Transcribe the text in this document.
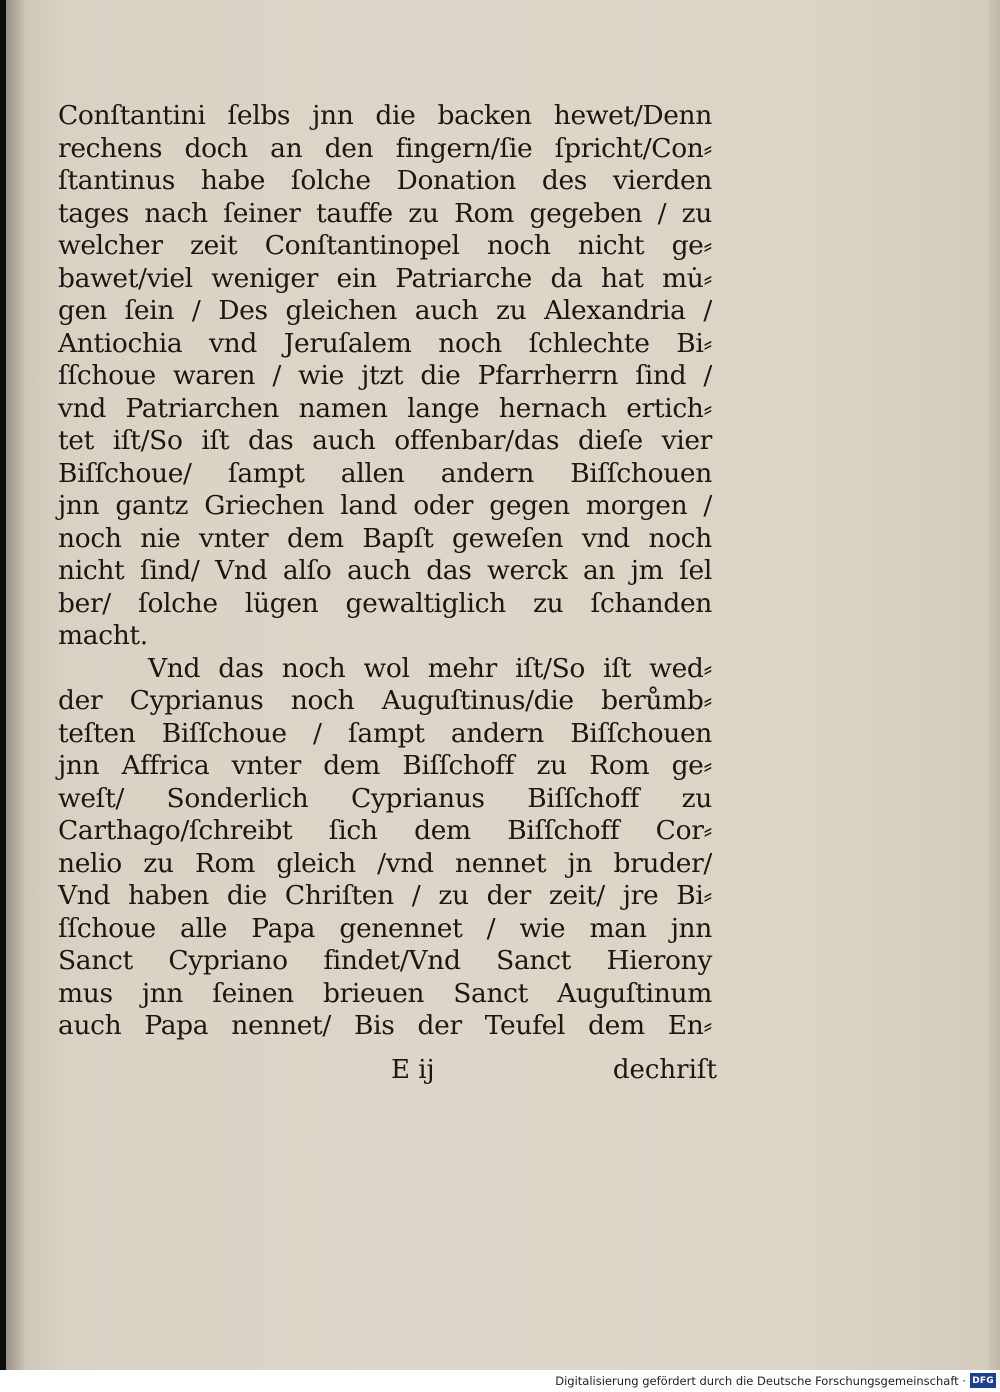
Conſtantini ſelbs jnn die backen hewet/Denn
rechens doch an den fingern/ſie ſpricht/Con⸗
ſtantinus habe ſolche Donation des vierden
tages nach ſeiner tauffe zu Rom gegeben / zu
welcher zeit Conſtantinopel noch nicht ge⸗
bawet/viel weniger ein Patriarche da hat mu̇⸗
gen ſein / Des gleichen auch zu Alexandria /
Antiochia vnd Jeruſalem noch ſchlechte Bi⸗
ſſchoue waren / wie jtzt die Pfarrherrn ſind /
vnd Patriarchen namen lange hernach ertich⸗
tet iſt/So iſt das auch offenbar/das dieſe vier
Biſſchoue/ ſampt allen andern Biſſchouen
jnn gantz Griechen land oder gegen morgen /
noch nie vnter dem Bapſt geweſen vnd noch
nicht ſind/ Vnd alſo auch das werck an jm ſel
ber/ ſolche lügen gewaltiglich zu ſchanden
macht.
Vnd das noch wol mehr iſt/So iſt wed⸗
der Cyprianus noch Auguſtinus/die berůmb⸗
teſten Biſſchoue / ſampt andern Biſſchouen
jnn Affrica vnter dem Biſſchoff zu Rom ge⸗
weſt/ Sonderlich Cyprianus Biſſchoff zu
Carthago/ſchreibt ſich dem Biſſchoff Cor⸗
nelio zu Rom gleich /vnd nennet jn bruder/
Vnd haben die Chriſten / zu der zeit/ jre Bi⸗
ſſchoue alle Papa genennet / wie man jnn
Sanct Cypriano findet/Vnd Sanct Hierony
mus jnn ſeinen brieuen Sanct Auguſtinum
auch Papa nennet/ Bis der Teufel dem En⸗
E ij	dechriſt
Digitalisierung gefördert durch die Deutsche Forschungsgemeinschaft · DFG
